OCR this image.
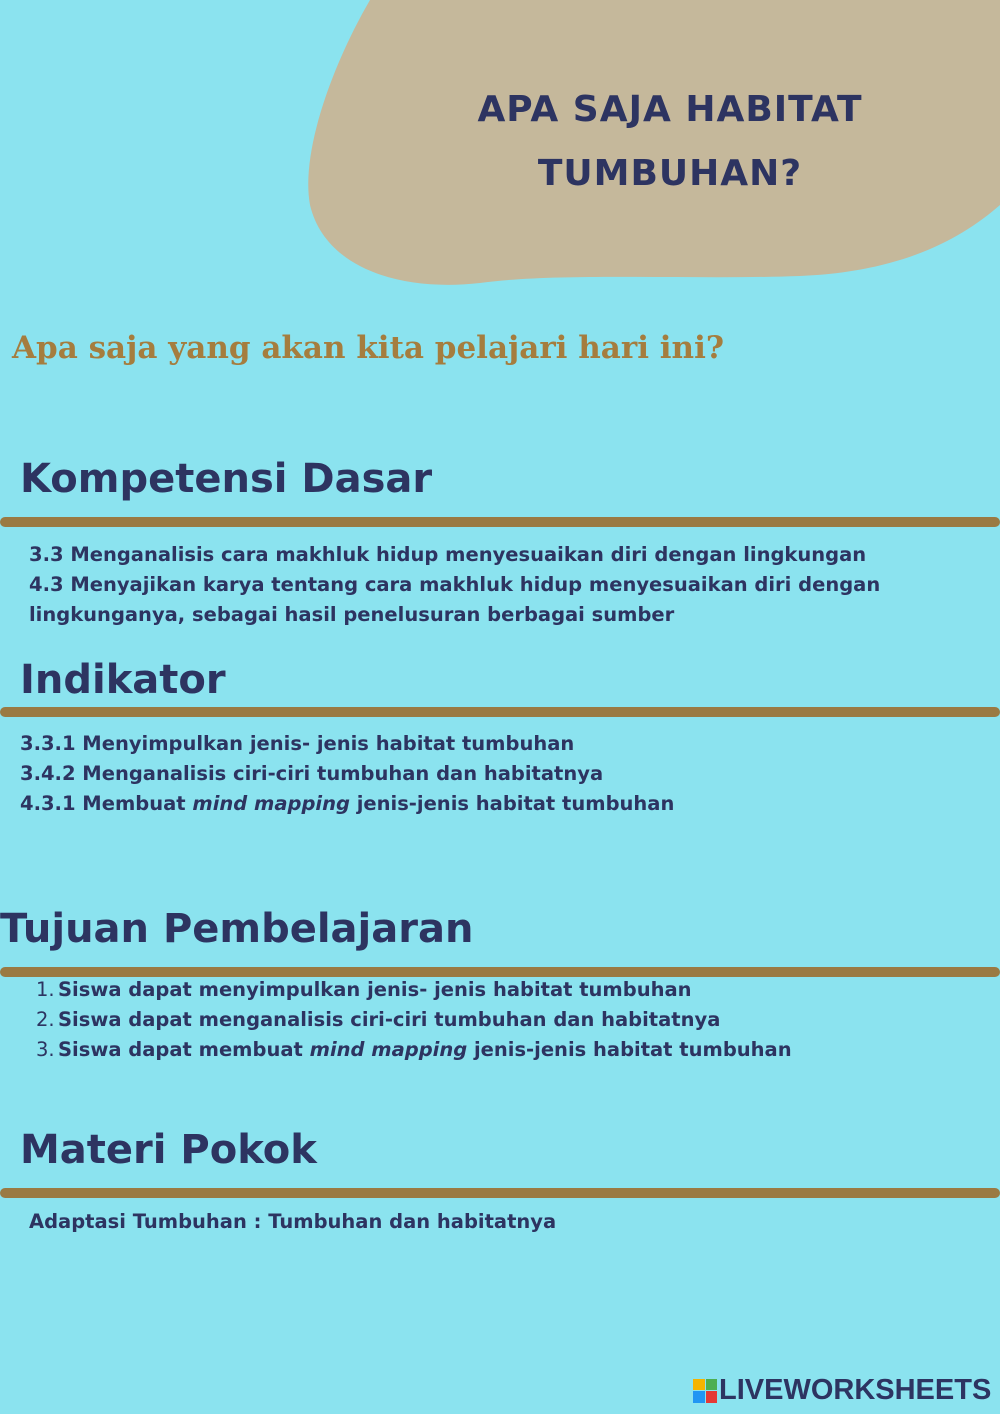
APA SAJA HABITAT
TUMBUHAN?
Apa saja yang akan kita pelajari hari ini?
Kompetensi Dasar

3.3 Menganalisis cara makhluk hidup menyesuaikan diri dengan lingkungan
4.3 Menyajikan karya tentang cara makhluk hidup menyesuaikan diri dengan
lingkunganya, sebagai hasil penelusuran berbagai sumber

Indikator

3.3.1 Menyimpulkan jenis- jenis habitat tumbuhan
3.4.2 Menganalisis ciri-ciri tumbuhan dan habitatnya
4.3.1 Membuat mind mapping jenis-jenis habitat tumbuhan

Tujuan Pembelajaran
1. Siswa dapat menyimpulkan jenis- jenis habitat tumbuhan
2. Siswa dapat menganalisis ciri-ciri tumbuhan dan habitatnya
3. Siswa dapat membuat mind mapping jenis-jenis habitat tumbuhan
Materi Pokok

Adaptasi Tumbuhan : Tumbuhan dan habitatnya

LIVEWORKSHEETS
